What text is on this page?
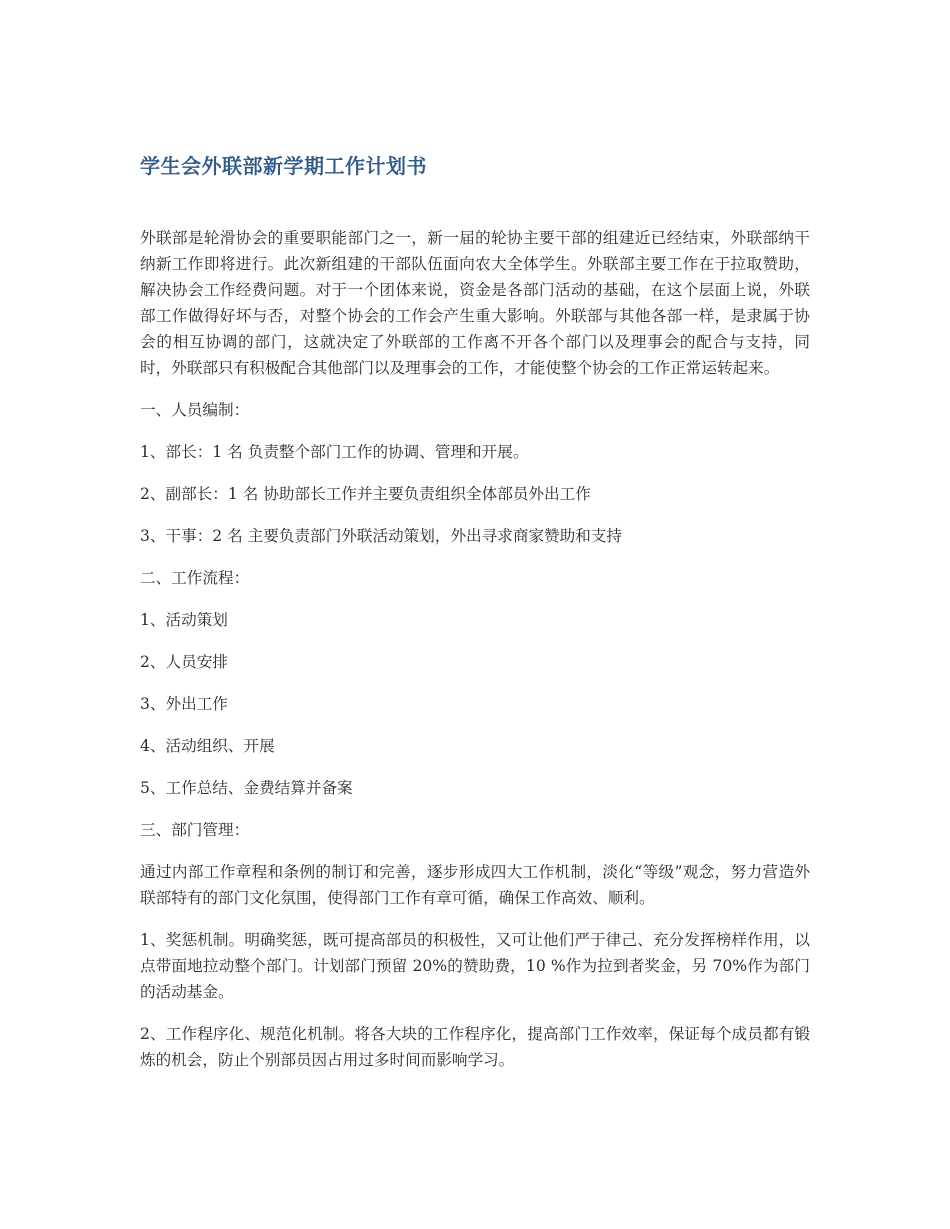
学生会外联部新学期工作计划书

外联部是轮滑协会的重要职能部门之一，新一届的轮协主要干部的组建近已经结束，外联部纳干纳新工作即将进行。此次新组建的干部队伍面向农大全体学生。外联部主要工作在于拉取赞助，解决协会工作经费问题。对于一个团体来说，资金是各部门活动的基础，在这个层面上说，外联部工作做得好坏与否，对整个协会的工作会产生重大影响。外联部与其他各部一样，是隶属于协会的相互协调的部门，这就决定了外联部的工作离不开各个部门以及理事会的配合与支持，同时，外联部只有积极配合其他部门以及理事会的工作，才能使整个协会的工作正常运转起来。

一、人员编制：

1、部长：1 名 负责整个部门工作的协调、管理和开展。

2、副部长：1 名 协助部长工作并主要负责组织全体部员外出工作

3、干事：2 名 主要负责部门外联活动策划，外出寻求商家赞助和支持

二、工作流程：

1、活动策划

2、人员安排

3、外出工作

4、活动组织、开展

5、工作总结、金费结算并备案

三、部门管理：

通过内部工作章程和条例的制订和完善，逐步形成四大工作机制，淡化“等级”观念，努力营造外联部特有的部门文化氛围，使得部门工作有章可循，确保工作高效、顺利。

1、奖惩机制。明确奖惩，既可提高部员的积极性，又可让他们严于律己、充分发挥榜样作用，以点带面地拉动整个部门。计划部门预留 20%的赞助费，10 %作为拉到者奖金，另 70%作为部门的活动基金。

2、工作程序化、规范化机制。将各大块的工作程序化，提高部门工作效率，保证每个成员都有锻炼的机会，防止个别部员因占用过多时间而影响学习。
